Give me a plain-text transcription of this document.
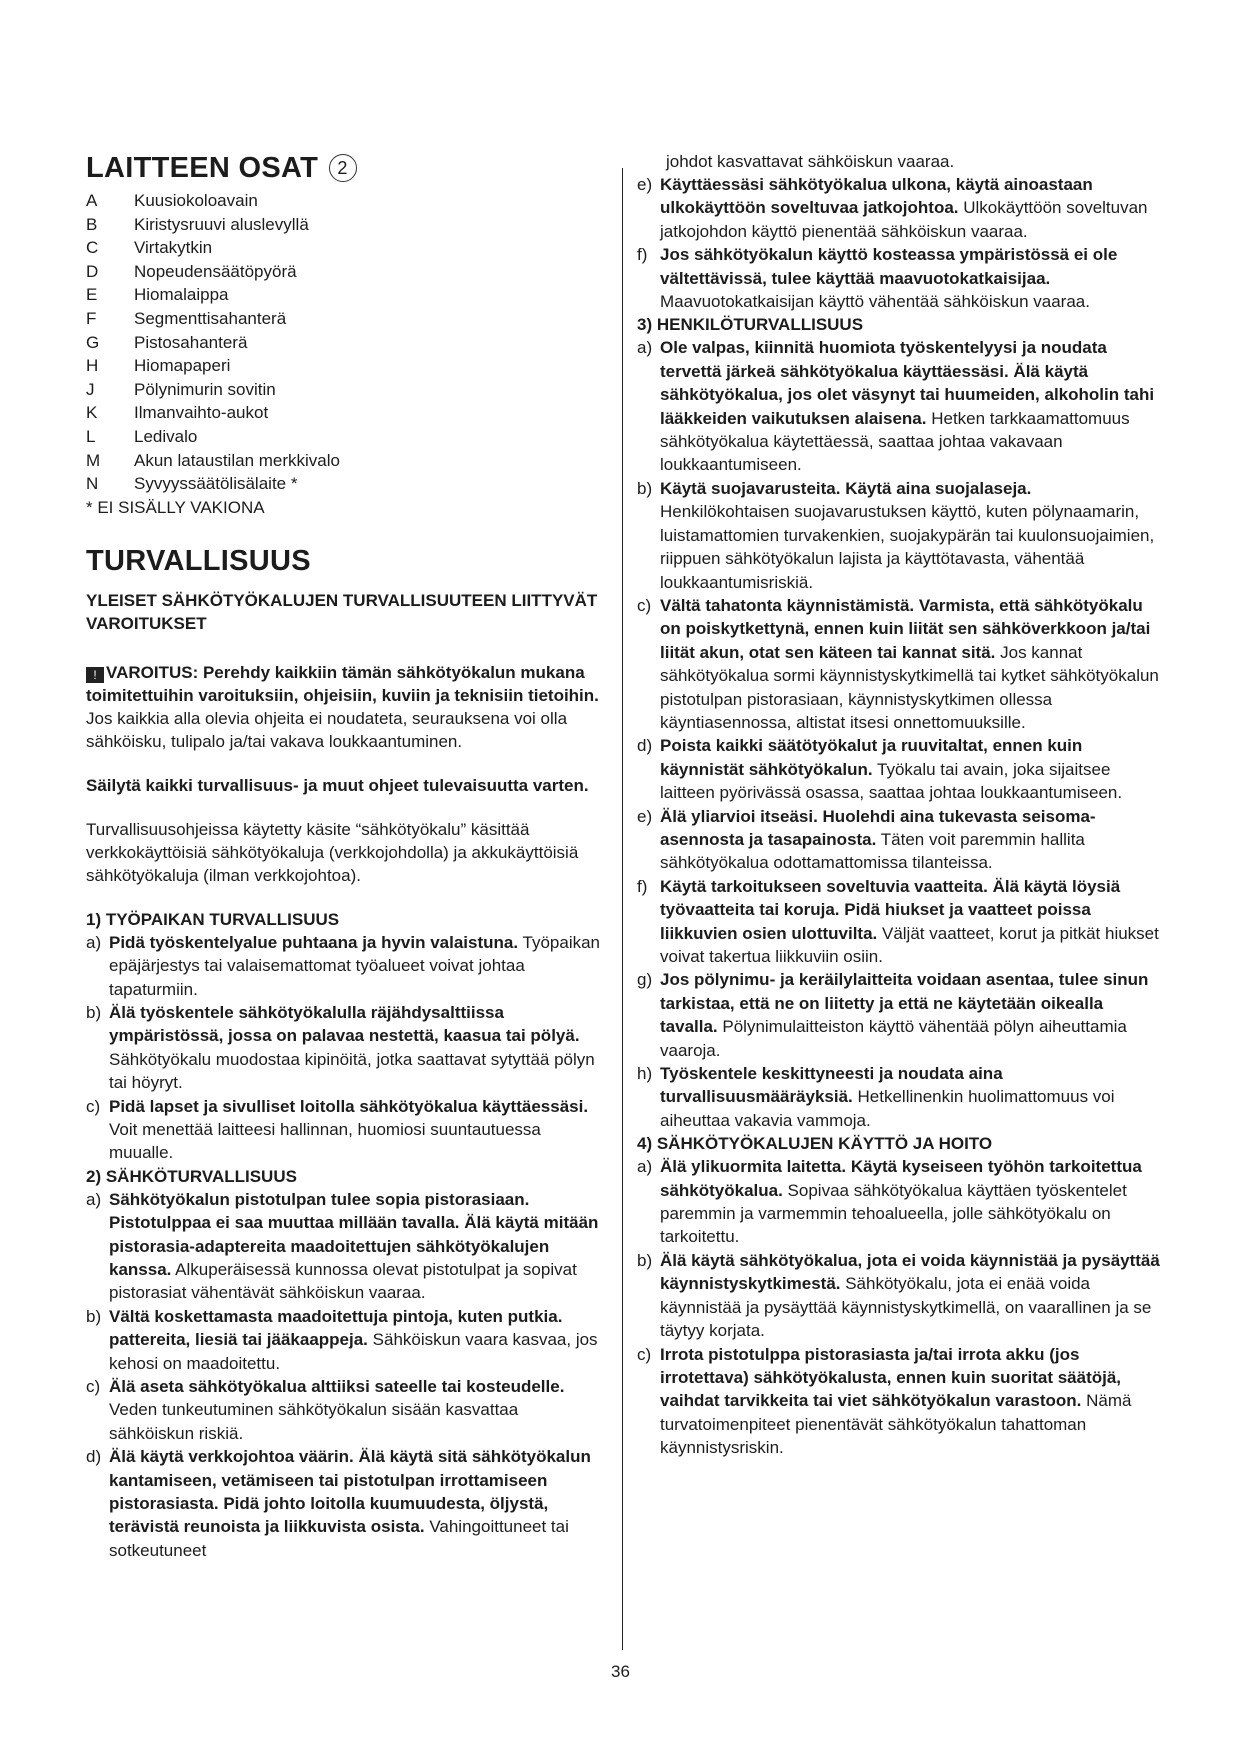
LAITTEEN OSAT 2
A	Kuusiokoloavain
B	Kiristysruuvi aluslevyllä
C	Virtakytkin
D	Nopeudensäätöpyörä
E	Hiomalaippa
F	Segmenttisahanterä
G	Pistosahanterä
H	Hiomapaperi
J	Pölynimurin sovitin
K	Ilmanvaihto-aukot
L	Ledivalo
M	Akun lataustilan merkkivalo
N	Syvyyssäätölisälaite *
* EI SISÄLLY VAKIONA
TURVALLISUUS
YLEISET SÄHKÖTYÖKALUJEN TURVALLISUUTEEN LIITTYVÄT VAROITUKSET

! VAROITUS: Perehdy kaikkiin tämän sähkötyökalun mukana toimitettuihin varoituksiin, ohjeisiin, kuviin ja teknisiin tietoihin. Jos kaikkia alla olevia ohjeita ei noudateta, seurauksena voi olla sähköisku, tulipalo ja/tai vakava loukkaantuminen.

Säilytä kaikki turvallisuus- ja muut ohjeet tulevaisuutta varten.

Turvallisuusohjeissa käytetty käsite “sähkötyökalu” käsittää verkkokäyttöisiä sähkötyökaluja (verkkojohdolla) ja akkukäyttöisiä sähkötyökaluja (ilman verkkojohtoa).

1) TYÖPAIKAN TURVALLISUUS
a) Pidä työskentelyalue puhtaana ja hyvin valaistuna. Työpaikan epäjärjestys tai valaisemattomat työalueet voivat johtaa tapaturmiin.
b) Älä työskentele sähkötyökalulla räjähdysalttiissa ympäristössä, jossa on palavaa nestettä, kaasua tai pölyä. Sähkötyökalu muodostaa kipinöitä, jotka saattavat sytyttää pölyn tai höyryt.
c) Pidä lapset ja sivulliset loitolla sähkötyökalua käyttäessäsi. Voit menettää laitteesi hallinnan, huomiosi suuntautuessa muualle.
2) SÄHKÖTURVALLISUUS
a) Sähkötyökalun pistotulpan tulee sopia pistorasiaan. Pistotulppaa ei saa muuttaa millään tavalla. Älä käytä mitään pistorasia-adaptereita maadoitettujen sähkötyökalujen kanssa. Alkuperäisessä kunnossa olevat pistotulpat ja sopivat pistorasiat vähentävät sähköiskun vaaraa.
b) Vältä koskettamasta maadoitettuja pintoja, kuten putkia. pattereita, liesiä tai jääkaappeja. Sähköiskun vaara kasvaa, jos kehosi on maadoitettu.
c) Älä aseta sähkötyökalua alttiiksi sateelle tai kosteudelle. Veden tunkeutuminen sähkötyökalun sisään kasvattaa sähköiskun riskiä.
d) Älä käytä verkkojohtoa väärin. Älä käytä sitä sähkötyökalun kantamiseen, vetämiseen tai pistotulpan irrottamiseen pistorasiasta. Pidä johto loitolla kuumuudesta, öljystä, terävistä reunoista ja liikkuvista osista. Vahingoittuneet tai sotkeutuneet

johdot kasvattavat sähköiskun vaaraa.

e) Käyttäessäsi sähkötyökalua ulkona, käytä ainoastaan ulkokäyttöön soveltuvaa jatkojohtoa. Ulkokäyttöön soveltuvan jatkojohdon käyttö pienentää sähköiskun vaaraa.
f) Jos sähkötyökalun käyttö kosteassa ympäristössä ei ole vältettävissä, tulee käyttää maavuotokatkaisijaa. Maavuotokatkaisijan käyttö vähentää sähköiskun vaaraa.
3) HENKILÖTURVALLISUUS
a) Ole valpas, kiinnitä huomiota työskentelyysi ja noudata tervettä järkeä sähkötyökalua käyttäessäsi. Älä käytä sähkötyökalua, jos olet väsynyt tai huumeiden, alkoholin tahi lääkkeiden vaikutuksen alaisena. Hetken tarkkaamattomuus sähkötyökalua käytettäessä, saattaa johtaa vakavaan loukkaantumiseen.
b) Käytä suojavarusteita. Käytä aina suojalaseja. Henkilökohtaisen suojavarustuksen käyttö, kuten pölynaamarin, luistamattomien turvakenkien, suojakypärän tai kuulonsuojaimien, riippuen sähkötyökalun lajista ja käyttötavasta, vähentää loukkaantumisriskiä.
c) Vältä tahatonta käynnistämistä. Varmista, että sähkötyökalu on poiskytkettynä, ennen kuin liität sen sähköverkkoon ja/tai liität akun, otat sen käteen tai kannat sitä. Jos kannat sähkötyökalua sormi käynnistyskytkimellä tai kytket sähkötyökalun pistotulpan pistorasiaan, käynnistyskytkimen ollessa käyntiasennossa, altistat itsesi onnettomuuksille.
d) Poista kaikki säätötyökalut ja ruuvitaltat, ennen kuin käynnistät sähkötyökalun. Työkalu tai avain, joka sijaitsee laitteen pyörivässä osassa, saattaa johtaa loukkaantumiseen.
e) Älä yliarvioi itseäsi. Huolehdi aina tukevasta seisoma-asennosta ja tasapainosta. Täten voit paremmin hallita sähkötyökalua odottamattomissa tilanteissa.
f) Käytä tarkoitukseen soveltuvia vaatteita. Älä käytä löysiä työvaatteita tai koruja. Pidä hiukset ja vaatteet poissa liikkuvien osien ulottuvilta. Väljät vaatteet, korut ja pitkät hiukset voivat takertua liikkuviin osiin.
g) Jos pölynimu- ja keräilylaitteita voidaan asentaa, tulee sinun tarkistaa, että ne on liitetty ja että ne käytetään oikealla tavalla. Pölynimulaitteiston käyttö vähentää pölyn aiheuttamia vaaroja.
h) Työskentele keskittyneesti ja noudata aina turvallisuusmääräyksiä. Hetkellinenkin huolimattomuus voi aiheuttaa vakavia vammoja.
4) SÄHKÖTYÖKALUJEN KÄYTTÖ JA HOITO
a) Älä ylikuormita laitetta. Käytä kyseiseen työhön tarkoitettua sähkötyökalua. Sopivaa sähkötyökalua käyttäen työskentelet paremmin ja varmemmin tehoalueella, jolle sähkötyökalu on tarkoitettu.
b) Älä käytä sähkötyökalua, jota ei voida käynnistää ja pysäyttää käynnistyskytkimestä. Sähkötyökalu, jota ei enää voida käynnistää ja pysäyttää käynnistyskytkimellä, on vaarallinen ja se täytyy korjata.
c) Irrota pistotulppa pistorasiasta ja/tai irrota akku (jos irrotettava) sähkötyökalusta, ennen kuin suoritat säätöjä, vaihdat tarvikkeita tai viet sähkötyökalun varastoon. Nämä turvatoimenpiteet pienentävät sähkötyökalun tahattoman käynnistysriskin.
36
